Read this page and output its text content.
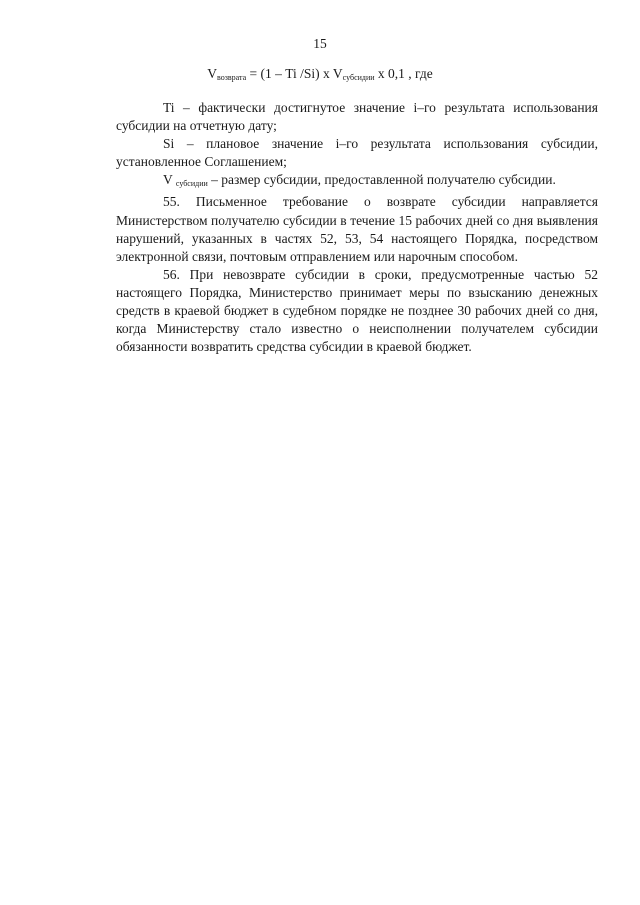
15
$V_{возврата} = (1 - Ti$ /Si) x $V_{субсидии}$ x 0,1 , где

Ti – фактически достигнутое значение i–го результата использования субсидии на отчетную дату;

Si – плановое значение i–го результата использования субсидии, установленное Соглашением;

V $_{субсидии}$ – размер субсидии, предоставленной получателю субсидии.

55. Письменное требование о возврате субсидии направляется Министерством получателю субсидии в течение 15 рабочих дней со дня выявления нарушений, указанных в частях 52, 53, 54 настоящего Порядка, посредством электронной связи, почтовым отправлением или нарочным способом.

56. При невозврате субсидии в сроки, предусмотренные частью 52 настоящего Порядка, Министерство принимает меры по взысканию денежных средств в краевой бюджет в судебном порядке не позднее 30 рабочих дней со дня, когда Министерству стало известно о неисполнении получателем субсидии обязанности возвратить средства субсидии в краевой бюджет.
